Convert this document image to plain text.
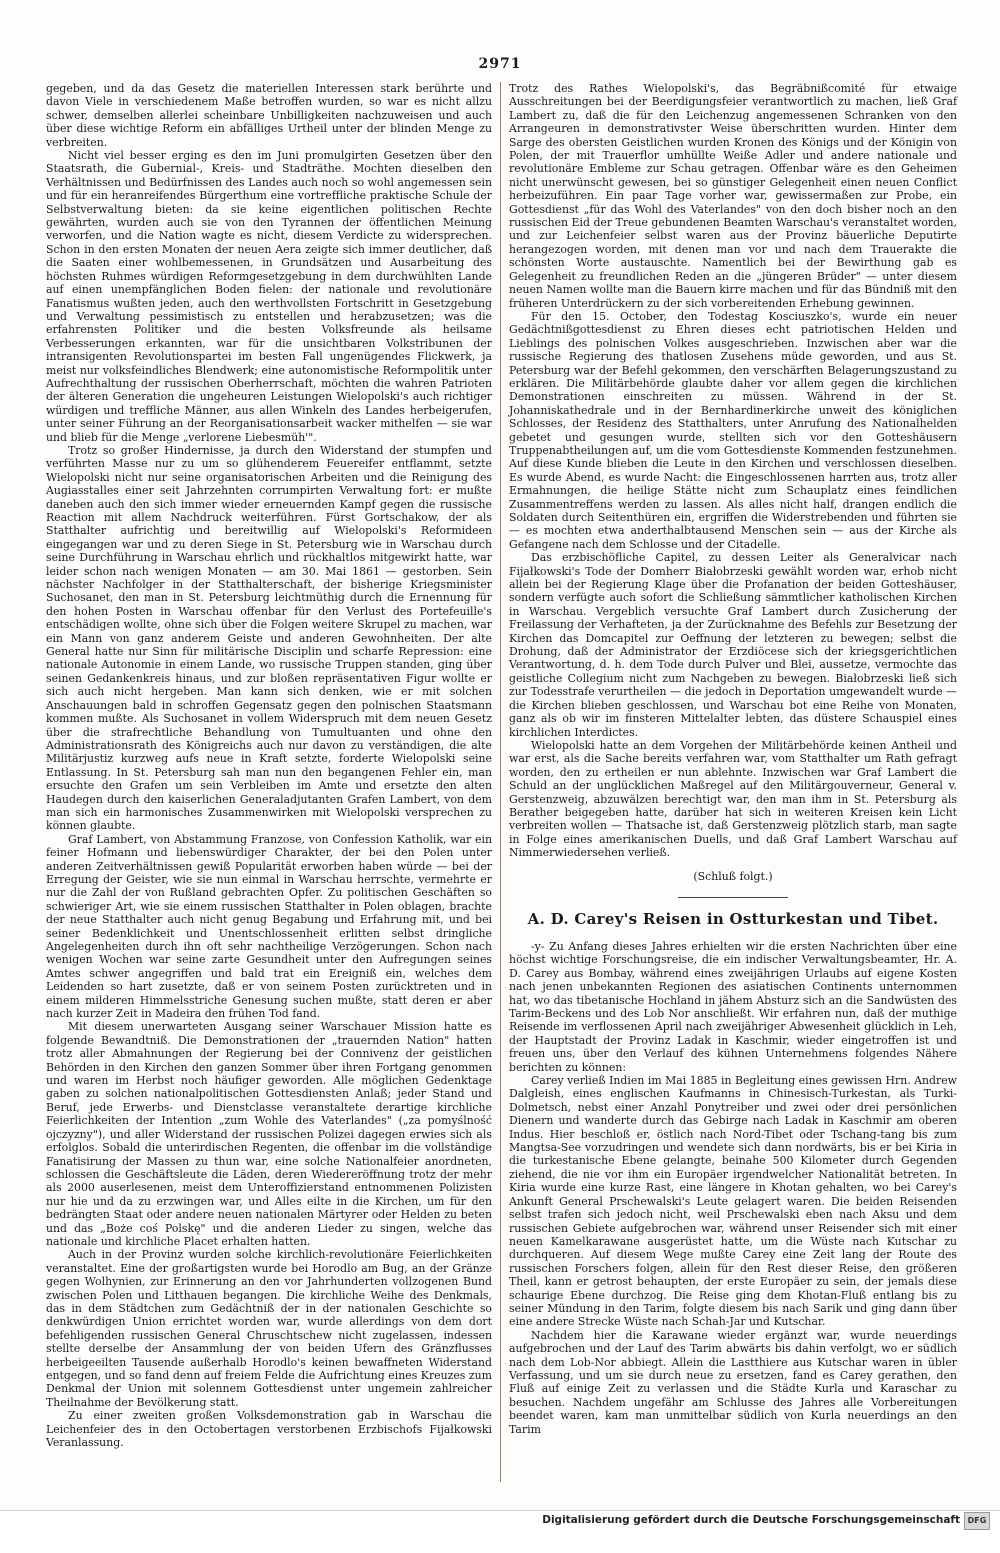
2971

gegeben, und da das Gesetz die materiellen Interessen stark berührte und davon Viele in verschiedenem Maße betroffen wurden, so war es nicht allzu schwer, demselben allerlei scheinbare Unbilligkeiten nachzuweisen und auch über diese wichtige Reform ein abfälliges Urtheil unter der blinden Menge zu verbreiten.

Nicht viel besser erging es den im Juni promulgirten Gesetzen über den Staatsrath, die Gubernial-, Kreis- und Stadträthe. Mochten dieselben den Verhältnissen und Bedürfnissen des Landes auch noch so wohl angemessen sein und für ein heranreifendes Bürgerthum eine vortreffliche praktische Schule der Selbstverwaltung bieten: da sie keine eigentlichen politischen Rechte gewährten, wurden auch sie von den Tyrannen der öffentlichen Meinung verworfen, und die Nation wagte es nicht, diesem Verdicte zu widersprechen. Schon in den ersten Monaten der neuen Aera zeigte sich immer deutlicher, daß die Saaten einer wohlbemessenen, in Grundsätzen und Ausarbeitung des höchsten Ruhmes würdigen Reformgesetzgebung in dem durchwühlten Lande auf einen unempfänglichen Boden fielen: der nationale und revolutionäre Fanatismus wußten jeden, auch den werthvollsten Fortschritt in Gesetzgebung und Verwaltung pessimistisch zu entstellen und herabzusetzen; was die erfahrensten Politiker und die besten Volksfreunde als heilsame Verbesserungen erkannten, war für die unsichtbaren Volkstribunen der intransigenten Revolutionspartei im besten Fall ungenügendes Flickwerk, ja meist nur volksfeindliches Blendwerk; eine autonomistische Reformpolitik unter Aufrechthaltung der russischen Oberherrschaft, möchten die wahren Patrioten der älteren Generation die ungeheuren Leistungen Wielopolski's auch richtiger würdigen und treffliche Männer, aus allen Winkeln des Landes herbeigerufen, unter seiner Führung an der Reorganisationsarbeit wacker mithelfen — sie war und blieb für die Menge „verlorene Liebesmüh'".

Trotz so großer Hindernisse, ja durch den Widerstand der stumpfen und verführten Masse nur zu um so glühenderem Feuereifer entflammt, setzte Wielopolski nicht nur seine organisatorischen Arbeiten und die Reinigung des Augiasstalles einer seit Jahrzehnten corrumpirten Verwaltung fort: er mußte daneben auch den sich immer wieder erneuernden Kampf gegen die russische Reaction mit allem Nachdruck weiterführen. Fürst Gortschakow, der als Statthalter aufrichtig und bereitwillig auf Wielopolski's Reformideen eingegangen war und zu deren Siege in St. Petersburg wie in Warschau durch seine Durchführung in Warschau ehrlich und rückhaltlos mitgewirkt hatte, war leider schon nach wenigen Monaten — am 30. Mai 1861 — gestorben. Sein nächster Nachfolger in der Statthalterschaft, der bisherige Kriegsminister Suchosanet, den man in St. Petersburg leichtmüthig durch die Ernennung für den hohen Posten in Warschau offenbar für den Verlust des Portefeuille's entschädigen wollte, ohne sich über die Folgen weitere Skrupel zu machen, war ein Mann von ganz anderem Geiste und anderen Gewohnheiten. Der alte General hatte nur Sinn für militärische Disciplin und scharfe Repression: eine nationale Autonomie in einem Lande, wo russische Truppen standen, ging über seinen Gedankenkreis hinaus, und zur bloßen repräsentativen Figur wollte er sich auch nicht hergeben. Man kann sich denken, wie er mit solchen Anschauungen bald in schroffen Gegensatz gegen den polnischen Staatsmann kommen mußte. Als Suchosanet in vollem Widerspruch mit dem neuen Gesetz über die strafrechtliche Behandlung von Tumultuanten und ohne den Administrationsrath des Königreichs auch nur davon zu verständigen, die alte Militärjustiz kurzweg aufs neue in Kraft setzte, forderte Wielopolski seine Entlassung. In St. Petersburg sah man nun den begangenen Fehler ein, man ersuchte den Grafen um sein Verbleiben im Amte und ersetzte den alten Haudegen durch den kaiserlichen Generaladjutanten Grafen Lambert, von dem man sich ein harmonisches Zusammenwirken mit Wielopolski versprechen zu können glaubte.

Graf Lambert, von Abstammung Franzose, von Confession Katholik, war ein feiner Hofmann und liebenswürdiger Charakter, der bei den Polen unter anderen Zeitverhältnissen gewiß Popularität erworben haben würde — bei der Erregung der Geister, wie sie nun einmal in Warschau herrschte, vermehrte er nur die Zahl der von Rußland gebrachten Opfer. Zu politischen Geschäften so schwieriger Art, wie sie einem russischen Statthalter in Polen oblagen, brachte der neue Statthalter auch nicht genug Begabung und Erfahrung mit, und bei seiner Bedenklichkeit und Unentschlossenheit erlitten selbst dringliche Angelegenheiten durch ihn oft sehr nachtheilige Verzögerungen. Schon nach wenigen Wochen war seine zarte Gesundheit unter den Aufregungen seines Amtes schwer angegriffen und bald trat ein Ereigniß ein, welches dem Leidenden so hart zusetzte, daß er von seinem Posten zurücktreten und in einem milderen Himmelsstriche Genesung suchen mußte, statt deren er aber nach kurzer Zeit in Madeira den frühen Tod fand.

Mit diesem unerwarteten Ausgang seiner Warschauer Mission hatte es folgende Bewandtniß. Die Demonstrationen der „trauernden Nation" hatten trotz aller Abmahnungen der Regierung bei der Connivenz der geistlichen Behörden in den Kirchen den ganzen Sommer über ihren Fortgang genommen und waren im Herbst noch häufiger geworden. Alle möglichen Gedenktage gaben zu solchen nationalpolitischen Gottesdiensten Anlaß; jeder Stand und Beruf, jede Erwerbs- und Dienstclasse veranstaltete derartige kirchliche Feierlichkeiten der Intention „zum Wohle des Vaterlandes" („za pomyślność ojczyzny"), und aller Widerstand der russischen Polizei dagegen erwies sich als erfolglos. Sobald die unterirdischen Regenten, die offenbar im die vollständige Fanatisirung der Massen zu thun war, eine solche Nationalfeier anordneten, schlossen die Geschäftsleute die Läden, deren Wiedereröffnung trotz der mehr als 2000 auserlesenen, meist dem Unteroffizierstand entnommenen Polizisten nur hie und da zu erzwingen war, und Alles eilte in die Kirchen, um für den bedrängten Staat oder andere neuen nationalen Märtyrer oder Helden zu beten und das „Boże coś Polskę" und die anderen Lieder zu singen, welche das nationale und kirchliche Placet erhalten hatten.

Auch in der Provinz wurden solche kirchlich-revolutionäre Feierlichkeiten veranstaltet. Eine der großartigsten wurde bei Horodlo am Bug, an der Gränze gegen Wolhynien, zur Erinnerung an den vor Jahrhunderten vollzogenen Bund zwischen Polen und Litthauen begangen. Die kirchliche Weihe des Denkmals, das in dem Städtchen zum Gedächtniß der in der nationalen Geschichte so denkwürdigen Union errichtet worden war, wurde allerdings von dem dort befehligenden russischen General Chruschtschew nicht zugelassen, indessen stellte derselbe der Ansammlung der von beiden Ufern des Gränzflusses herbeigeeilten Tausende außerhalb Horodlo's keinen bewaffneten Widerstand entgegen, und so fand denn auf freiem Felde die Aufrichtung eines Kreuzes zum Denkmal der Union mit solennem Gottesdienst unter ungemein zahlreicher Theilnahme der Bevölkerung statt.

Zu einer zweiten großen Volksdemonstration gab in Warschau die Leichenfeier des in den Octobertagen verstorbenen Erzbischofs Fijałkowski Veranlassung.

Trotz des Rathes Wielopolski's, das Begräbnißcomité für etwaige Ausschreitungen bei der Beerdigungsfeier verantwortlich zu machen, ließ Graf Lambert zu, daß die für den Leichenzug angemessenen Schranken von den Arrangeuren in demonstrativster Weise überschritten wurden. Hinter dem Sarge des obersten Geistlichen wurden Kronen des Königs und der Königin von Polen, der mit Trauerflor umhüllte Weiße Adler und andere nationale und revolutionäre Embleme zur Schau getragen. Offenbar wäre es den Geheimen nicht unerwünscht gewesen, bei so günstiger Gelegenheit einen neuen Conflict herbeizuführen. Ein paar Tage vorher war, gewissermaßen zur Probe, ein Gottesdienst „für das Wohl des Vaterlandes" von den doch bisher noch an den russischen Eid der Treue gebundenen Beamten Warschau's veranstaltet worden, und zur Leichenfeier selbst waren aus der Provinz bäuerliche Deputirte herangezogen worden, mit denen man vor und nach dem Trauerakte die schönsten Worte austauschte. Namentlich bei der Bewirthung gab es Gelegenheit zu freundlichen Reden an die „jüngeren Brüder" — unter diesem neuen Namen wollte man die Bauern kirre machen und für das Bündniß mit den früheren Unterdrückern zu der sich vorbereitenden Erhebung gewinnen.

Für den 15. October, den Todestag Kosciuszko's, wurde ein neuer Gedächtnißgottesdienst zu Ehren dieses echt patriotischen Helden und Lieblings des polnischen Volkes ausgeschrieben. Inzwischen aber war die russische Regierung des thatlosen Zusehens müde geworden, und aus St. Petersburg war der Befehl gekommen, den verschärften Belagerungszustand zu erklären. Die Militärbehörde glaubte daher vor allem gegen die kirchlichen Demonstrationen einschreiten zu müssen. Während in der St. Johanniskathedrale und in der Bernhardinerkirche unweit des königlichen Schlosses, der Residenz des Statthalters, unter Anrufung des Nationalhelden gebetet und gesungen wurde, stellten sich vor den Gotteshäusern Truppenabtheilungen auf, um die vom Gottesdienste Kommenden festzunehmen. Auf diese Kunde blieben die Leute in den Kirchen und verschlossen dieselben. Es wurde Abend, es wurde Nacht: die Eingeschlossenen harrten aus, trotz aller Ermahnungen, die heilige Stätte nicht zum Schauplatz eines feindlichen Zusammentreffens werden zu lassen. Als alles nicht half, drangen endlich die Soldaten durch Seitenthüren ein, ergriffen die Widerstrebenden und führten sie — es mochten etwa anderthalbtausend Menschen sein — aus der Kirche als Gefangene nach dem Schlosse und der Citadelle.

Das erzbischöfliche Capitel, zu dessen Leiter als Generalvicar nach Fijałkowski's Tode der Domherr Białobrzeski gewählt worden war, erhob nicht allein bei der Regierung Klage über die Profanation der beiden Gotteshäuser, sondern verfügte auch sofort die Schließung sämmtlicher katholischen Kirchen in Warschau. Vergeblich versuchte Graf Lambert durch Zusicherung der Freilassung der Verhafteten, ja der Zurücknahme des Befehls zur Besetzung der Kirchen das Domcapitel zur Oeffnung der letzteren zu bewegen; selbst die Drohung, daß der Administrator der Erzdiöcese sich der kriegsgerichtlichen Verantwortung, d. h. dem Tode durch Pulver und Blei, aussetze, vermochte das geistliche Collegium nicht zum Nachgeben zu bewegen. Białobrzeski ließ sich zur Todesstrafe verurtheilen — die jedoch in Deportation umgewandelt wurde — die Kirchen blieben geschlossen, und Warschau bot eine Reihe von Monaten, ganz als ob wir im finsteren Mittelalter lebten, das düstere Schauspiel eines kirchlichen Interdictes.

Wielopolski hatte an dem Vorgehen der Militärbehörde keinen Antheil und war erst, als die Sache bereits verfahren war, vom Statthalter um Rath gefragt worden, den zu ertheilen er nun ablehnte. Inzwischen war Graf Lambert die Schuld an der unglücklichen Maßregel auf den Militärgouverneur, General v. Gerstenzweig, abzuwälzen berechtigt war, den man ihm in St. Petersburg als Berather beigegeben hatte, darüber hat sich in weiteren Kreisen kein Licht verbreiten wollen — Thatsache ist, daß Gerstenzweig plötzlich starb, man sagte in Folge eines amerikanischen Duells, und daß Graf Lambert Warschau auf Nimmerwiedersehen verließ.

(Schluß folgt.)

A. D. Carey's Reisen in Ostturkestan und Tibet.

-y- Zu Anfang dieses Jahres erhielten wir die ersten Nachrichten über eine höchst wichtige Forschungsreise, die ein indischer Verwaltungsbeamter, Hr. A. D. Carey aus Bombay, während eines zweijährigen Urlaubs auf eigene Kosten nach jenen unbekannten Regionen des asiatischen Continents unternommen hat, wo das tibetanische Hochland in jähem Absturz sich an die Sandwüsten des Tarim-Beckens und des Lob Nor anschließt. Wir erfahren nun, daß der muthige Reisende im verflossenen April nach zweijähriger Abwesenheit glücklich in Leh, der Hauptstadt der Provinz Ladak in Kaschmir, wieder eingetroffen ist und freuen uns, über den Verlauf des kühnen Unternehmens folgendes Nähere berichten zu können:

Carey verließ Indien im Mai 1885 in Begleitung eines gewissen Hrn. Andrew Dalgleish, eines englischen Kaufmanns in Chinesisch-Turkestan, als Turki-Dolmetsch, nebst einer Anzahl Ponytreiber und zwei oder drei persönlichen Dienern und wanderte durch das Gebirge nach Ladak in Kaschmir am oberen Indus. Hier beschloß er, östlich nach Nord-Tibet oder Tschang-tang bis zum Mangtsa-See vorzudringen und wendete sich dann nordwärts, bis er bei Kiria in die turkestanische Ebene gelangte, beinahe 500 Kilometer durch Gegenden ziehend, die nie vor ihm ein Europäer irgendwelcher Nationalität betreten. In Kiria wurde eine kurze Rast, eine längere in Khotan gehalten, wo bei Carey's Ankunft General Prschewalski's Leute gelagert waren. Die beiden Reisenden selbst trafen sich jedoch nicht, weil Prschewalski eben nach Aksu und dem russischen Gebiete aufgebrochen war, während unser Reisender sich mit einer neuen Kamelkarawane ausgerüstet hatte, um die Wüste nach Kutschar zu durchqueren. Auf diesem Wege mußte Carey eine Zeit lang der Route des russischen Forschers folgen, allein für den Rest dieser Reise, den größeren Theil, kann er getrost behaupten, der erste Europäer zu sein, der jemals diese schaurige Ebene durchzog. Die Reise ging dem Khotan-Fluß entlang bis zu seiner Mündung in den Tarim, folgte diesem bis nach Sarik und ging dann über eine andere Strecke Wüste nach Schah-Jar und Kutschar.

Nachdem hier die Karawane wieder ergänzt war, wurde neuerdings aufgebrochen und der Lauf des Tarim abwärts bis dahin verfolgt, wo er südlich nach dem Lob-Nor abbiegt. Allein die Lastthiere aus Kutschar waren in übler Verfassung, und um sie durch neue zu ersetzen, fand es Carey gerathen, den Fluß auf einige Zeit zu verlassen und die Städte Kurla und Karaschar zu besuchen. Nachdem ungefähr am Schlusse des Jahres alle Vorbereitungen beendet waren, kam man unmittelbar südlich von Kurla neuerdings an den Tarim

Digitalisierung gefördert durch die Deutsche Forschungsgemeinschaft DFG
